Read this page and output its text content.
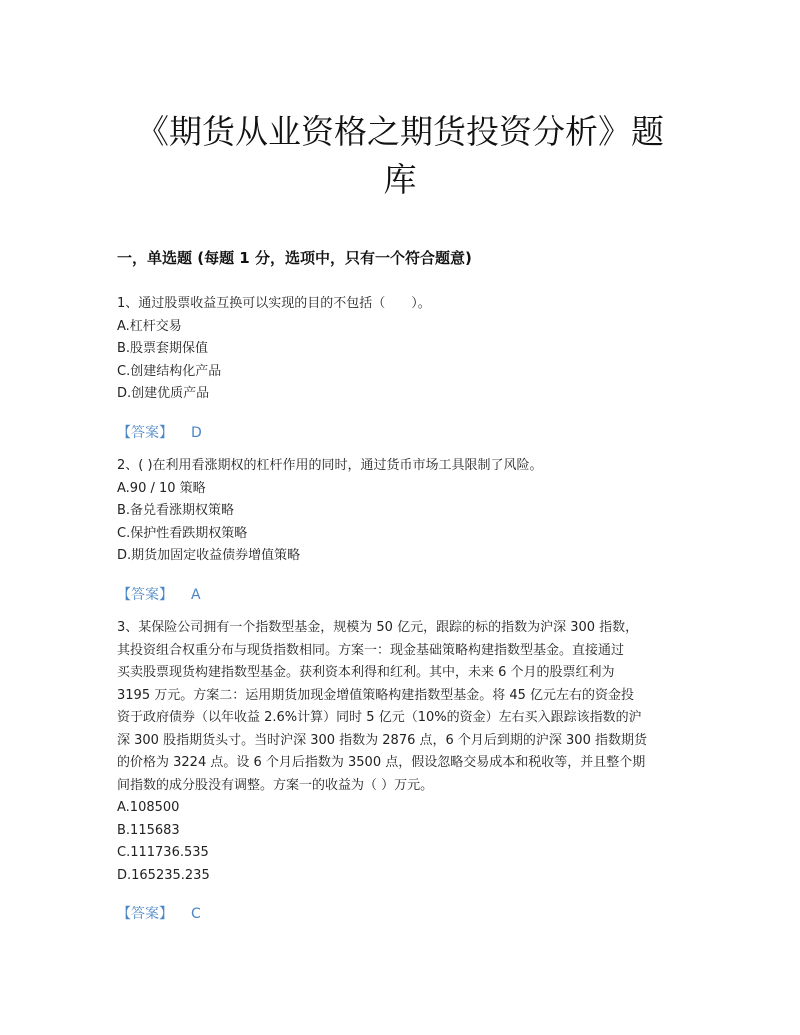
《期货从业资格之期货投资分析》题
库
一，单选题 (每题 1 分，选项中，只有一个符合题意)

1、通过股票收益互换可以实现的目的不包括（　　）。

A.杠杆交易

B.股票套期保值

C.创建结构化产品

D.创建优质产品

【答案】 D

2、( )在利用看涨期权的杠杆作用的同时，通过货币市场工具限制了风险。

A.90 / 10 策略

B.备兑看涨期权策略

C.保护性看跌期权策略

D.期货加固定收益债券增值策略

【答案】 A

3、某保险公司拥有一个指数型基金，规模为 50 亿元，跟踪的标的指数为沪深 300 指数，

其投资组合权重分布与现货指数相同。方案一：现金基础策略构建指数型基金。直接通过

买卖股票现货构建指数型基金。获利资本利得和红利。其中，未来 6 个月的股票红利为

3195 万元。方案二：运用期货加现金增值策略构建指数型基金。将 45 亿元左右的资金投

资于政府债券（以年收益 2.6%计算）同时 5 亿元（10%的资金）左右买入跟踪该指数的沪

深 300 股指期货头寸。当时沪深 300 指数为 2876 点，6 个月后到期的沪深 300 指数期货

的价格为 3224 点。设 6 个月后指数为 3500 点，假设忽略交易成本和税收等，并且整个期

间指数的成分股没有调整。方案一的收益为（ ）万元。

A.108500

B.115683

C.111736.535

D.165235.235

【答案】 C
